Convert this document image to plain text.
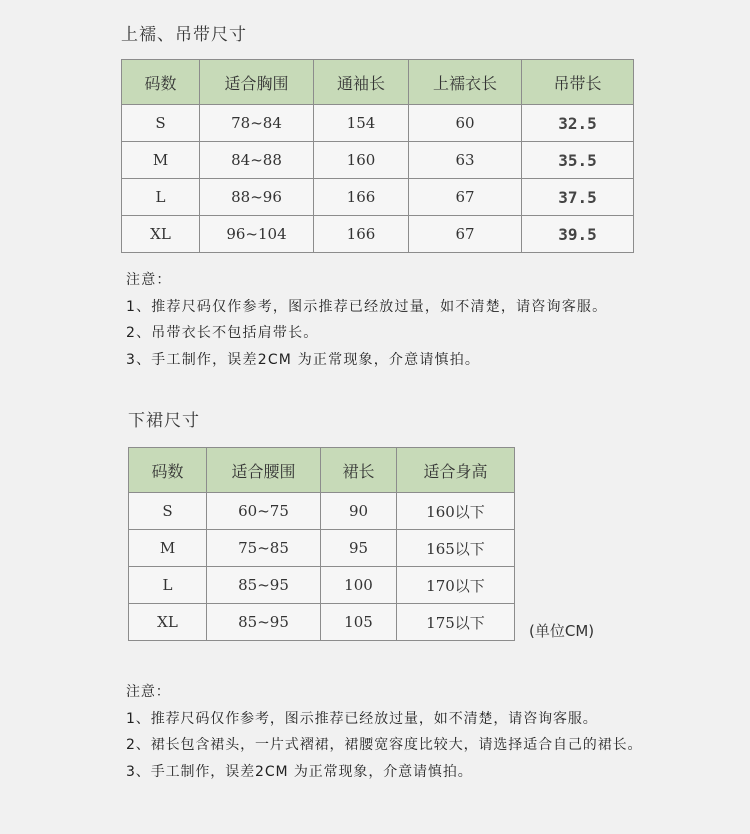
上襦、吊带尺寸
码数	适合胸围	通袖长	上襦衣长	吊带长
S	78~84	154	60	32.5
M	84~88	160	63	35.5
L	88~96	166	67	37.5
XL	96~104	166	67	39.5
注意：
1、推荐尺码仅作参考，图示推荐已经放过量，如不清楚，请咨询客服。
2、吊带衣长不包括肩带长。
3、手工制作，误差2CM 为正常现象，介意请慎拍。
下裙尺寸
码数	适合腰围	裙长	适合身高
S	60~75	90	160以下
M	75~85	95	165以下
L	85~95	100	170以下
XL	85~95	105	175以下	(单位CM)
注意：
1、推荐尺码仅作参考，图示推荐已经放过量，如不清楚，请咨询客服。
2、裙长包含裙头，一片式褶裙，裙腰宽容度比较大，请选择适合自己的裙长。
3、手工制作，误差2CM 为正常现象，介意请慎拍。
